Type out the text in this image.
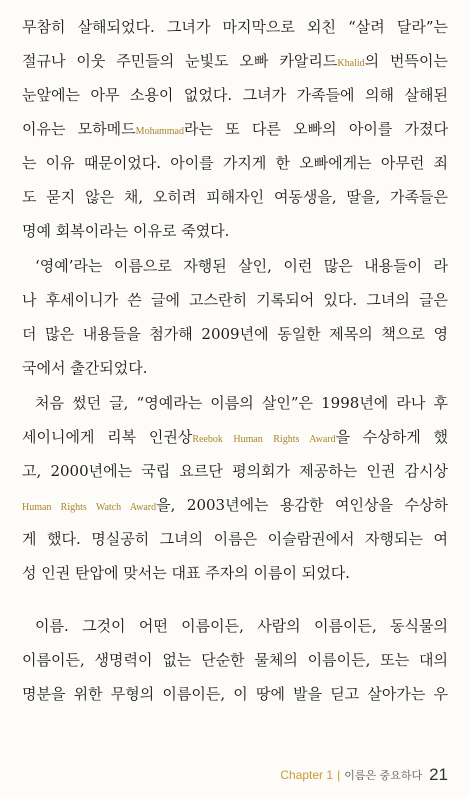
무참히 살해되었다. 그녀가 마지막으로 외친 “살려 달라”는
절규나 이웃 주민들의 눈빛도 오빠 카알리드Khalid의 번뜩이는
눈앞에는 아무 소용이 없었다. 그녀가 가족들에 의해 살해된
이유는 모하메드Mohammad라는 또 다른 오빠의 아이를 가졌다
는 이유 때문이었다. 아이를 가지게 한 오빠에게는 아무런 죄
도 묻지 않은 채, 오히려 피해자인 여동생을, 딸을, 가족들은
명예 회복이라는 이유로 죽였다.
‘영예’라는 이름으로 자행된 살인, 이런 많은 내용들이 라
나 후세이니가 쓴 글에 고스란히 기록되어 있다. 그녀의 글은
더 많은 내용들을 첨가해 2009년에 동일한 제목의 책으로 영
국에서 출간되었다.
처음 썼던 글, “영예라는 이름의 살인”은 1998년에 라나 후
세이니에게 리복 인권상Reebok Human Rights Award을 수상하게 했
고, 2000년에는 국립 요르단 평의회가 제공하는 인권 감시상
Human Rights Watch Award을, 2003년에는 용감한 여인상을 수상하
게 했다. 명실공히 그녀의 이름은 이슬람권에서 자행되는 여
성 인권 탄압에 맞서는 대표 주자의 이름이 되었다.
이름. 그것이 어떤 이름이든, 사람의 이름이든, 동식물의
이름이든, 생명력이 없는 단순한 물체의 이름이든, 또는 대의
명분을 위한 무형의 이름이든, 이 땅에 발을 딛고 살아가는 우
Chapter 1 | 이름은 중요하다 21
